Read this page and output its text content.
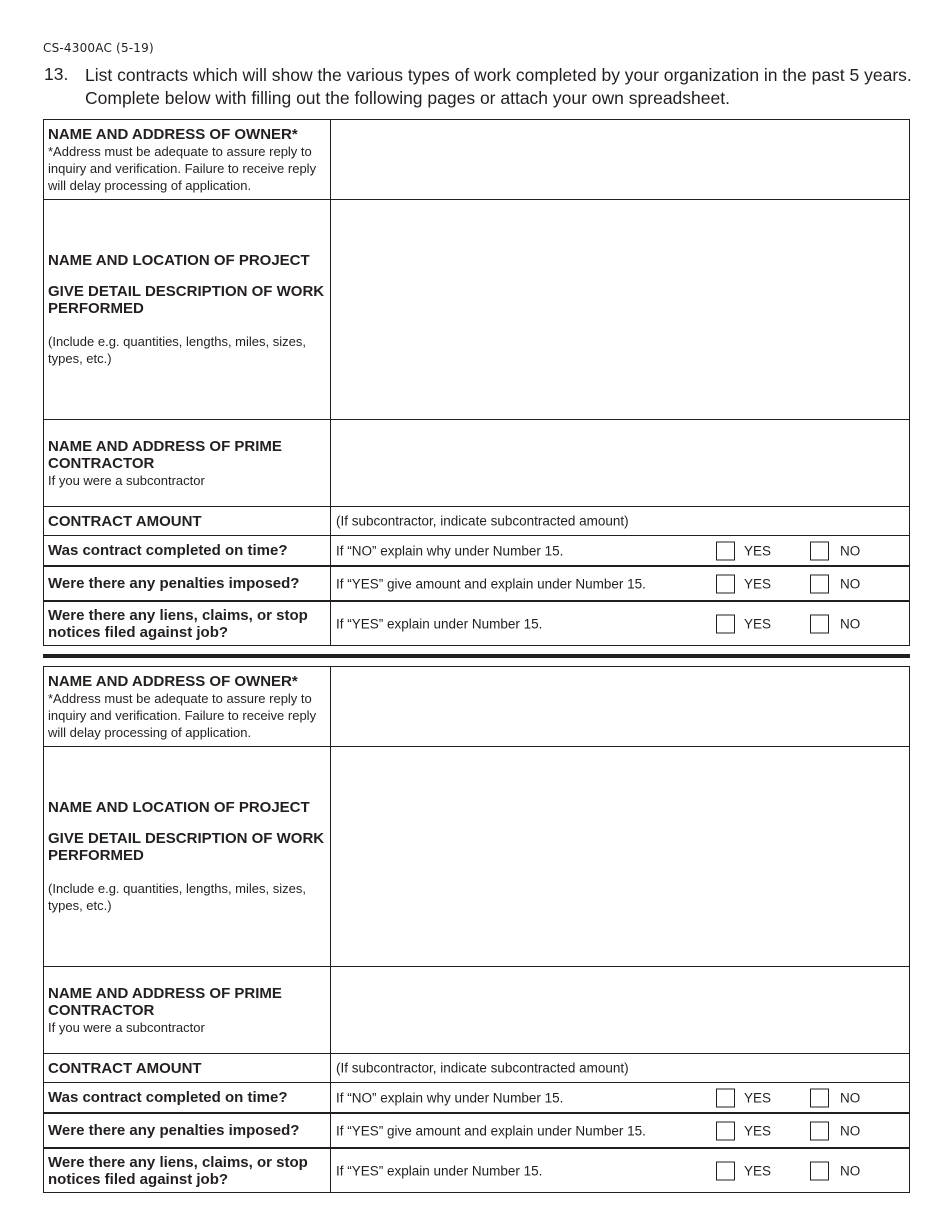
CS-4300AC (5-19)
13. List contracts which will show the various types of work completed by your organization in the past 5 years. Complete below with filling out the following pages or attach your own spreadsheet.
NAME AND ADDRESS OF OWNER*
*Address must be adequate to assure reply to inquiry and verification. Failure to receive reply will delay processing of application.
NAME AND LOCATION OF PROJECT
GIVE DETAIL DESCRIPTION OF WORK PERFORMED
(Include e.g. quantities, lengths, miles, sizes, types, etc.)
NAME AND ADDRESS OF PRIME CONTRACTOR
If you were a subcontractor
CONTRACT AMOUNT	(If subcontractor, indicate subcontracted amount)
Was contract completed on time?	If “NO” explain why under Number 15.	YES	NO
Were there any penalties imposed?	If “YES” give amount and explain under Number 15.	YES	NO
Were there any liens, claims, or stop notices filed against job?	If “YES” explain under Number 15.	YES	NO
NAME AND ADDRESS OF OWNER*
*Address must be adequate to assure reply to inquiry and verification. Failure to receive reply will delay processing of application.
NAME AND LOCATION OF PROJECT
GIVE DETAIL DESCRIPTION OF WORK PERFORMED
(Include e.g. quantities, lengths, miles, sizes, types, etc.)
NAME AND ADDRESS OF PRIME CONTRACTOR
If you were a subcontractor
CONTRACT AMOUNT	(If subcontractor, indicate subcontracted amount)
Was contract completed on time?	If “NO” explain why under Number 15.	YES	NO
Were there any penalties imposed?	If “YES” give amount and explain under Number 15.	YES	NO
Were there any liens, claims, or stop notices filed against job?	If “YES” explain under Number 15.	YES	NO
